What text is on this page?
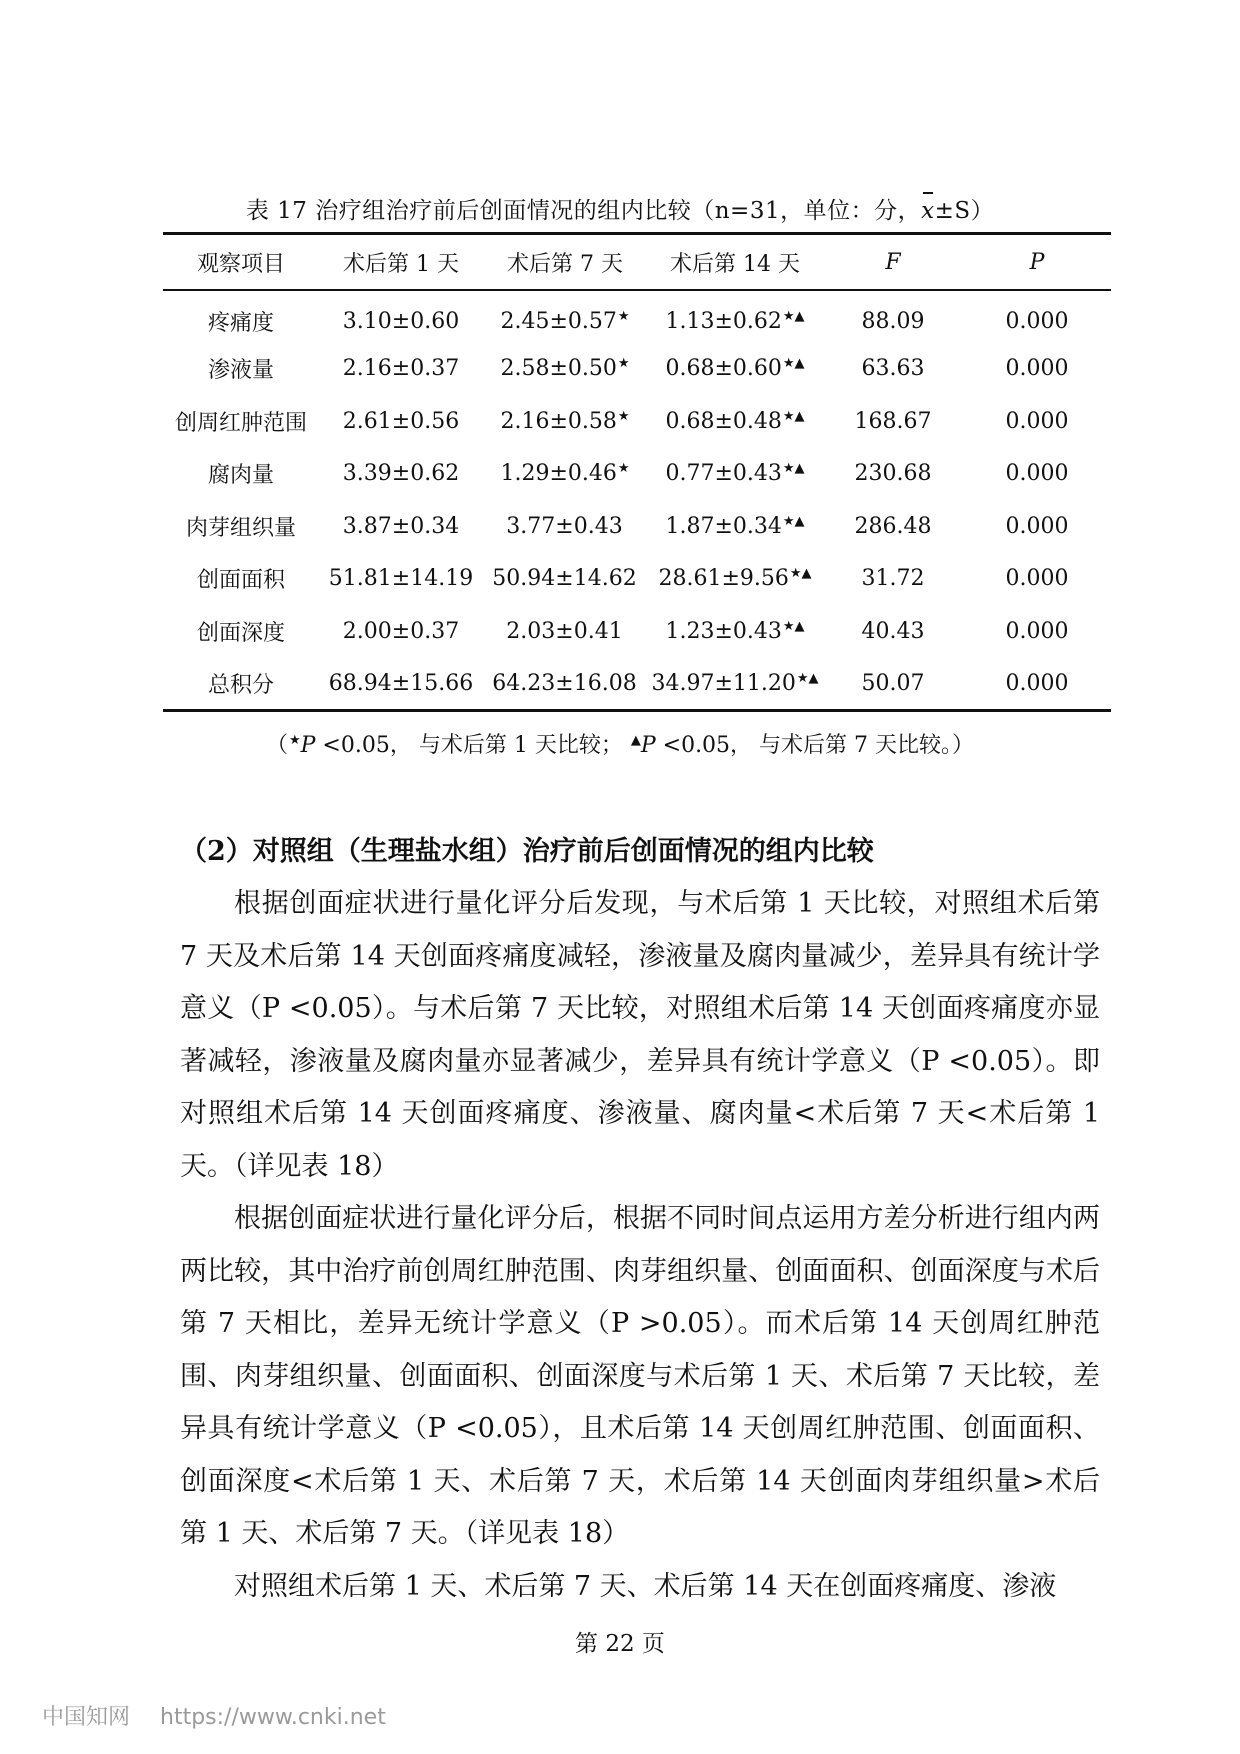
表 17 治疗组治疗前后创面情况的组内比较（n=31，单位：分，x±S）
观察项目	术后第 1 天	术后第 7 天	术后第 14 天	F	P
疼痛度	3.10±0.60	2.45±0.57★	1.13±0.62★▲	88.09	0.000
渗液量	2.16±0.37	2.58±0.50★	0.68±0.60★▲	63.63	0.000
创周红肿范围	2.61±0.56	2.16±0.58★	0.68±0.48★▲	168.67	0.000
腐肉量	3.39±0.62	1.29±0.46★	0.77±0.43★▲	230.68	0.000
肉芽组织量	3.87±0.34	3.77±0.43	1.87±0.34★▲	286.48	0.000
创面面积	51.81±14.19	50.94±14.62	28.61±9.56★▲	31.72	0.000
创面深度	2.00±0.37	2.03±0.41	1.23±0.43★▲	40.43	0.000
总积分	68.94±15.66	64.23±16.08	34.97±11.20★▲	50.07	0.000
（★P <0.05， 与术后第 1 天比较； ▲P <0.05， 与术后第 7 天比较。）
（2）对照组（生理盐水组）治疗前后创面情况的组内比较

根据创面症状进行量化评分后发现，与术后第 1 天比较，对照组术后第 7 天及术后第 14 天创面疼痛度减轻，渗液量及腐肉量减少，差异具有统计学意义（P <0.05）。与术后第 7 天比较，对照组术后第 14 天创面疼痛度亦显著减轻，渗液量及腐肉量亦显著减少，差异具有统计学意义（P <0.05）。即对照组术后第 14 天创面疼痛度、渗液量、腐肉量<术后第 7 天<术后第 1 天。（详见表 18）

根据创面症状进行量化评分后，根据不同时间点运用方差分析进行组内两两比较，其中治疗前创周红肿范围、肉芽组织量、创面面积、创面深度与术后第 7 天相比，差异无统计学意义（P >0.05）。而术后第 14 天创周红肿范围、肉芽组织量、创面面积、创面深度与术后第 1 天、术后第 7 天比较，差异具有统计学意义（P <0.05），且术后第 14 天创周红肿范围、创面面积、创面深度<术后第 1 天、术后第 7 天，术后第 14 天创面肉芽组织量>术后第 1 天、术后第 7 天。（详见表 18）

对照组术后第 1 天、术后第 7 天、术后第 14 天在创面疼痛度、渗液

第 22 页
中国知网 https://www.cnki.net
